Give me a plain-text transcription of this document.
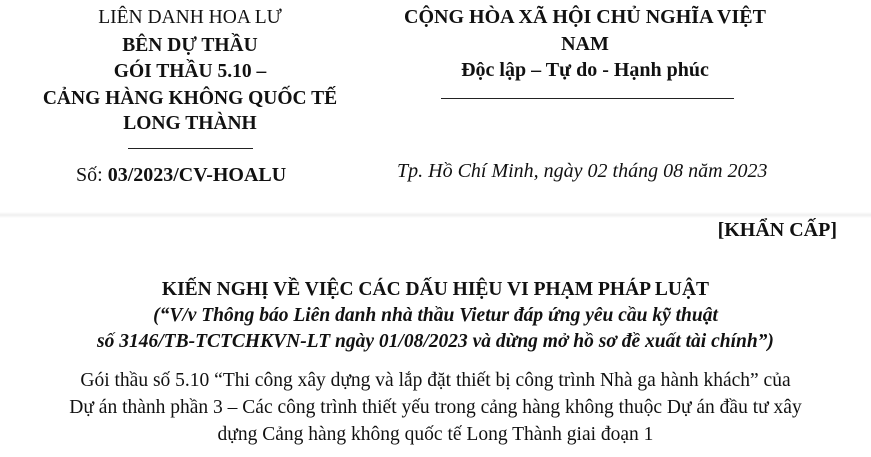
LIÊN DANH HOA LƯ
BÊN DỰ THẦU
GÓI THẦU 5.10 –
CẢNG HÀNG KHÔNG QUỐC TẾ
LONG THÀNH
CỘNG HÒA XÃ HỘI CHỦ NGHĨA VIỆT
NAM
Độc lập – Tự do - Hạnh phúc
Số: 03/2023/CV-HOALU	Tp. Hồ Chí Minh, ngày 02 tháng 08 năm 2023
[KHẨN CẤP]
KIẾN NGHỊ VỀ VIỆC CÁC DẤU HIỆU VI PHẠM PHÁP LUẬT
(“V/v Thông báo Liên danh nhà thầu Vietur đáp ứng yêu cầu kỹ thuật
số 3146/TB-TCTCHKVN-LT ngày 01/08/2023 và dừng mở hồ sơ đề xuất tài chính”)
Gói thầu số 5.10 “Thi công xây dựng và lắp đặt thiết bị công trình Nhà ga hành khách” của
Dự án thành phần 3 – Các công trình thiết yếu trong cảng hàng không thuộc Dự án đầu tư xây
dựng Cảng hàng không quốc tế Long Thành giai đoạn 1
